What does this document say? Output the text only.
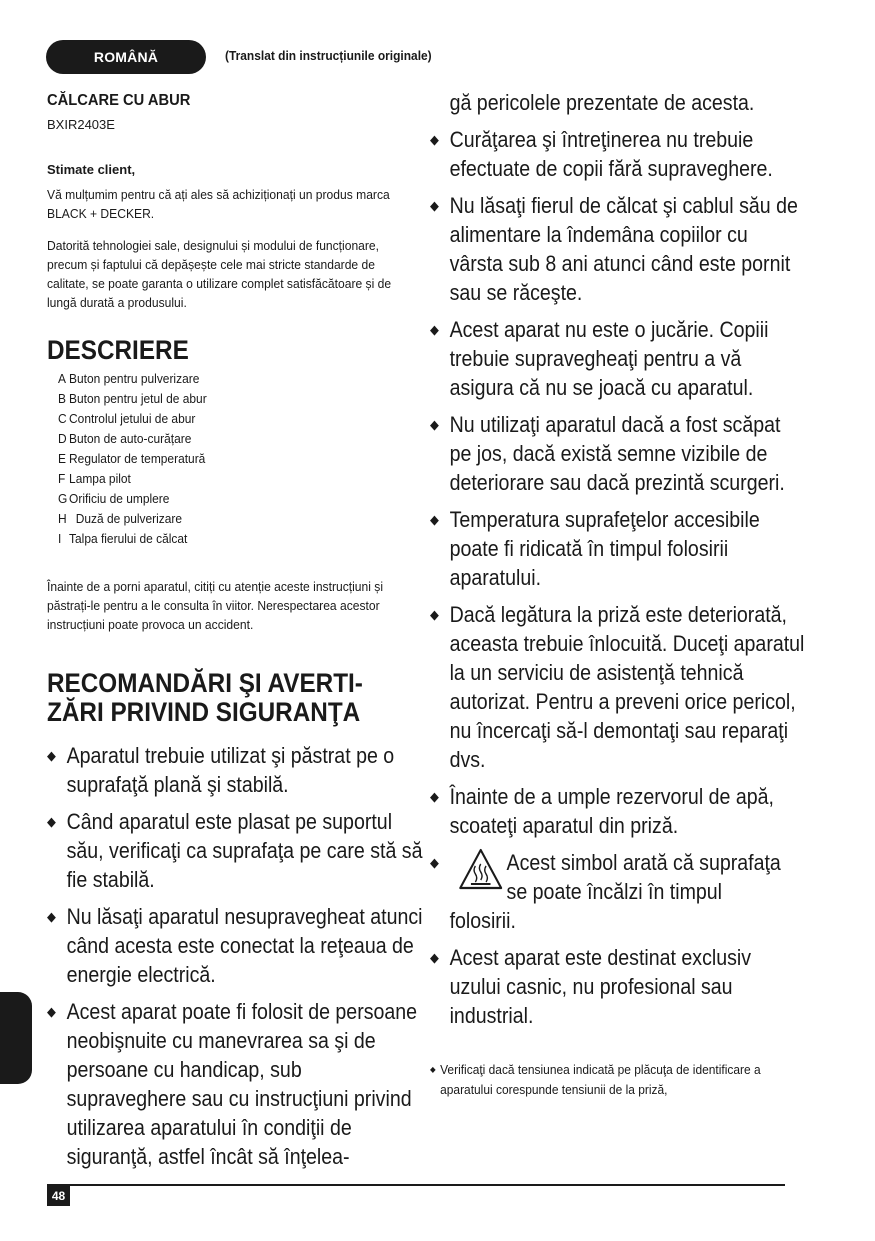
ROMÂNĂ	(Translat din instrucțiunile originale)
CĂLCARE CU ABUR
BXIR2403E
Stimate client,

Vă mulțumim pentru că ați ales să achiziționați un produs marca BLACK + DECKER.

Datorită tehnologiei sale, designului și modului de funcționare, precum și faptului că depășește cele mai stricte standarde de calitate, se poate garanta o utilizare complet satisfăcătoare și de lungă durată a produsului.

DESCRIERE
A Buton pentru pulverizare
B Buton pentru jetul de abur
C Controlul jetului de abur
D Buton de auto-curățare
E Regulator de temperatură
F Lampa pilot
G Orificiu de umplere
H Duză de pulverizare
I Talpa fierului de călcat

Înainte de a porni aparatul, citiți cu atenție aceste instrucțiuni și păstrați-le pentru a le consulta în viitor. Nerespectarea acestor instrucțiuni poate provoca un accident.

RECOMANDĂRI ŞI AVERTI-
ZĂRI PRIVIND SIGURANŢA
◆ Aparatul trebuie utilizat şi păstrat pe o suprafaţă plană şi stabilă.
◆ Când aparatul este plasat pe suportul său, verificaţi ca suprafaţa pe care stă să fie stabilă.
◆ Nu lăsaţi aparatul nesupravegheat atunci când acesta este conectat la reţeaua de energie electrică.
◆ Acest aparat poate fi folosit de persoane neobişnuite cu manevrarea sa şi de persoane cu handicap, sub supraveghere sau cu instrucţiuni privind utilizarea aparatului în condiţii de siguranţă, astfel încât să înţelea-
gă pericolele prezentate de acesta.
◆ Curăţarea şi întreţinerea nu trebuie efectuate de copii fără supraveghere.
◆ Nu lăsaţi fierul de călcat şi cablul său de alimentare la îndemâna copiilor cu vârsta sub 8 ani atunci când este pornit sau se răceşte.
◆ Acest aparat nu este o jucărie. Copiii trebuie supravegheaţi pentru a vă asigura că nu se joacă cu aparatul.
◆ Nu utilizaţi aparatul dacă a fost scăpat pe jos, dacă există semne vizibile de deteriorare sau dacă prezintă scurgeri.
◆ Temperatura suprafeţelor accesibile poate fi ridicată în timpul folosirii aparatului.
◆ Dacă legătura la priză este deteriorată, aceasta trebuie înlocuită. Duceţi aparatul la un serviciu de asistenţă tehnică autorizat. Pentru a preveni orice pericol, nu încercaţi să-l demontaţi sau reparaţi dvs.
◆ Înainte de a umple rezervorul de apă, scoateţi aparatul din priză.
◆ Acest simbol arată că suprafaţa
se poate încălzi în timpul
folosirii.
◆ Acest aparat este destinat exclusiv uzului casnic, nu profesional sau industrial.

◆ Verificaţi dacă tensiunea indicată pe plăcuţa de identificare a aparatului corespunde tensiunii de la priză,

48
